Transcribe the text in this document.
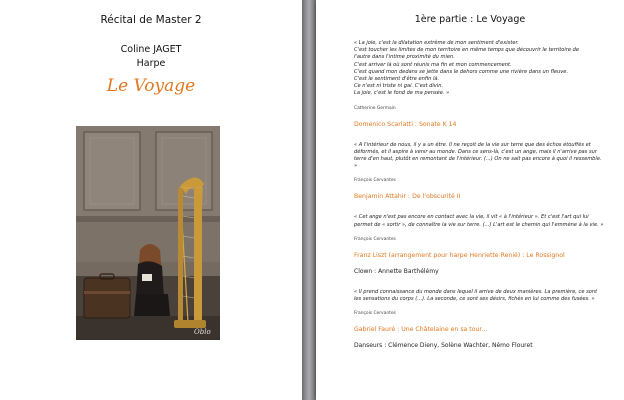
Récital de Master 2
Coline JAGET
Harpe
Le Voyage
Oblo
1ère partie : Le Voyage

« La joie, c'est la dilatation extrême de mon sentiment d'exister.

C'est toucher les limites de mon territoire en même temps que découvrir le territoire de

l'autre dans l'intime proximité du mien.

C'est arriver là où sont réunis ma fin et mon commencement.

C'est quand mon dedans se jette dans le dehors comme une rivière dans un fleuve.

C'est le sentiment d'être enfin là.

Ce n'est ni triste ni gai. C'est divin.

La joie, c'est le fond de ma pensée. »

Catherine Germain

Domenico Scarlatti : Sonate K 14

« A l'intérieur de nous, il y a un être. Il ne reçoit de la vie sur terre que des échos étouffés et déformés, et il aspire à venir au monde. Dans ce sens-là, c'est un ange, mais il n'arrive pas sur terre d'en haut, plutôt en remontant de l'intérieur. (...) On ne sait pas encore à quoi il ressemble. »

François Cervantes

Benjamin Attahir : De l'obscurité II

« Cet ange n'est pas encore en contact avec la vie, il vit « à l'intérieur ». Et c'est l'art qui lui permet de « sortir », de connaître la vie sur terre. (...) L'art est le chemin qui l'emmène à la vie. »

François Cervantes

Franz Liszt (arrangement pour harpe Henriette Renié) : Le Rossignol

Clown : Annette Barthélémy

« Il prend connaissance du monde dans lequel il arrive de deux manières. La première, ce sont les sensations du corps (...). La seconde, ce sont ses désirs, fichés en lui comme des fusées. »

François Cervantes

Gabriel Fauré : Une Châtelaine en sa tour...

Danseurs : Clémence Dieny, Solène Wachter, Némo Flouret
